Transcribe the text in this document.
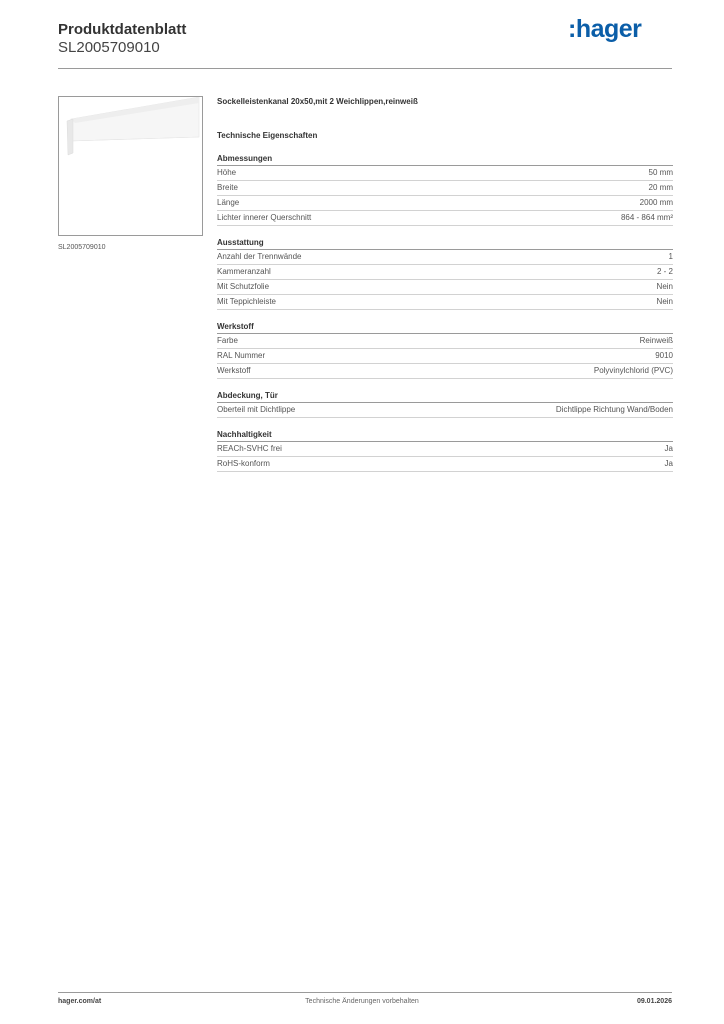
Produktdatenblatt
SL2005709010
:hager
SL2005709010
Sockelleistenkanal 20x50,mit 2 Weichlippen,reinweiß
Technische Eigenschaften
Abmessungen
Höhe	50 mm
Breite	20 mm
Länge	2000 mm
Lichter innerer Querschnitt	864 - 864 mm²
Ausstattung
Anzahl der Trennwände	1
Kammeranzahl	2 - 2
Mit Schutzfolie	Nein
Mit Teppichleiste	Nein
Werkstoff
Farbe	Reinweiß
RAL Nummer	9010
Werkstoff	Polyvinylchlorid (PVC)
Abdeckung, Tür
Oberteil mit Dichtlippe	Dichtlippe Richtung Wand/Boden
Nachhaltigkeit
REACh-SVHC frei	Ja
RoHS-konform	Ja
hager.com/at	Technische Änderungen vorbehalten	09.01.2026
